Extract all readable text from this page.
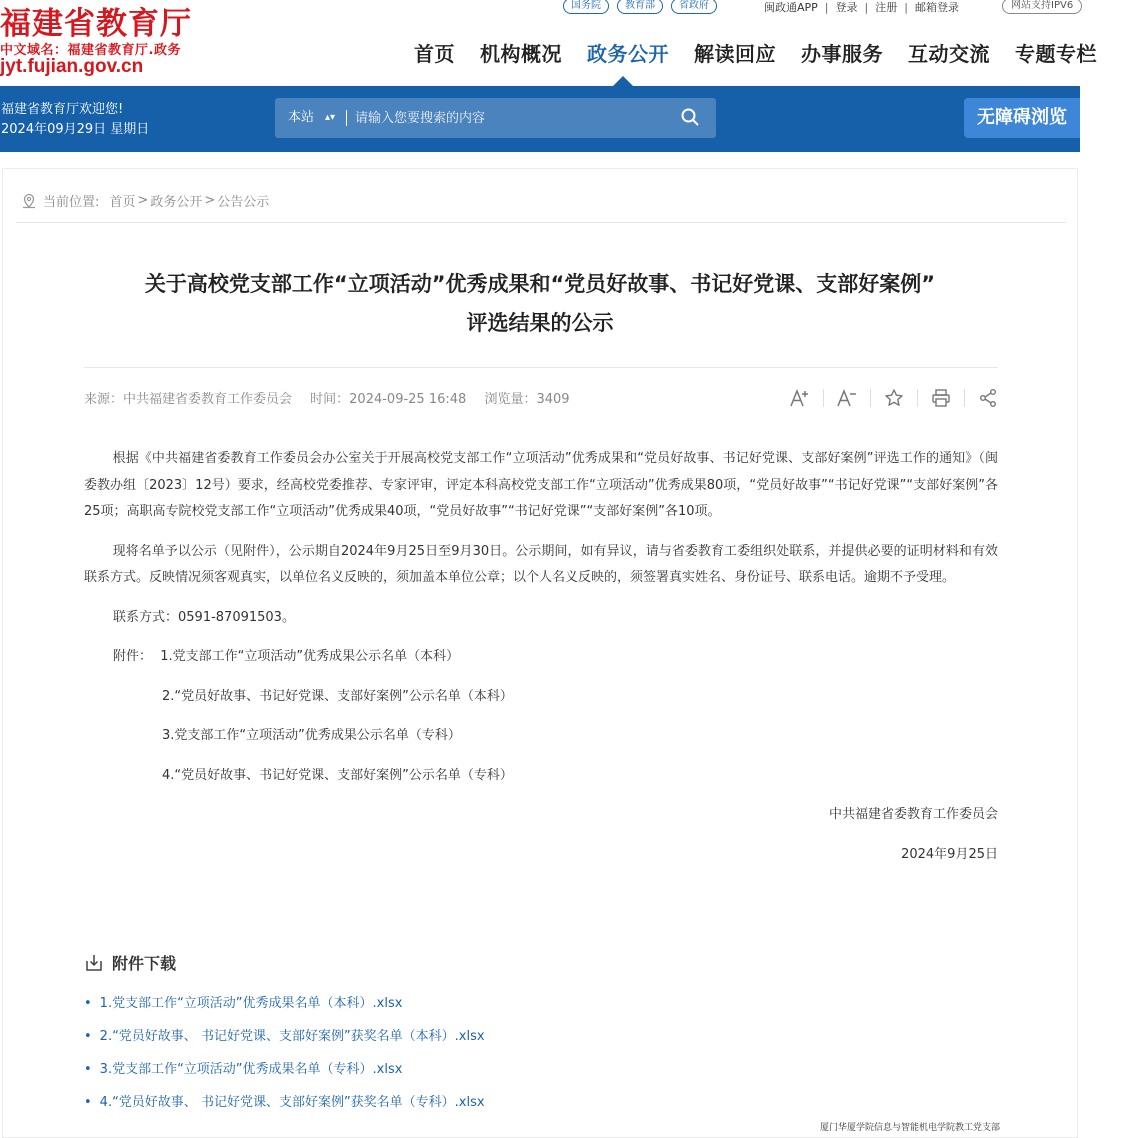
福建省教育厅
中文域名：福建省教育厅.政务
jyt.fujian.gov.cn
国务院	教育部	省政府	闽政通APP | 登录 | 注册 | 邮箱登录	网站支持IPV6
首页 机构概况 政务公开 解读回应 办事服务 互动交流 专题专栏
福建省教育厅欢迎您!
2024年09月29日 星期日
本站 ▴▾
请输入您要搜索的内容	无障碍浏览
当前位置: 首页 > 政务公开 > 公告公示
关于高校党支部工作“立项活动”优秀成果和“党员好故事、书记好党课、支部好案例”
评选结果的公示
来源：中共福建省委教育工作委员会 时间：2024-09-25 16:48 浏览量：3409

根据《中共福建省委教育工作委员会办公室关于开展高校党支部工作“立项活动”优秀成果和“党员好故事、书记好党课、支部好案例”评选工作的通知》（闽委教办组〔2023〕12号）要求，经高校党委推荐、专家评审，评定本科高校党支部工作“立项活动”优秀成果80项，“党员好故事”“书记好党课”“支部好案例”各25项；高职高专院校党支部工作“立项活动”优秀成果40项，“党员好故事”“书记好党课”“支部好案例”各10项。

现将名单予以公示（见附件），公示期自2024年9月25日至9月30日。公示期间，如有异议，请与省委教育工委组织处联系，并提供必要的证明材料和有效联系方式。反映情况须客观真实，以单位名义反映的，须加盖本单位公章；以个人名义反映的，须签署真实姓名、身份证号、联系电话。逾期不予受理。

联系方式：0591-87091503。

附件： 1.党支部工作“立项活动”优秀成果公示名单（本科）

2.“党员好故事、书记好党课、支部好案例”公示名单（本科）

3.党支部工作“立项活动”优秀成果公示名单（专科）

4.“党员好故事、书记好党课、支部好案例”公示名单（专科）

中共福建省委教育工作委员会

2024年9月25日

附件下载
• 1.党支部工作“立项活动”优秀成果名单（本科）.xlsx
• 2.“党员好故事、 书记好党课、支部好案例”获奖名单（本科）.xlsx
• 3.党支部工作“立项活动”优秀成果名单（专科）.xlsx
• 4.“党员好故事、 书记好党课、支部好案例”获奖名单（专科）.xlsx
厦门华厦学院信息与智能机电学院教工党支部
